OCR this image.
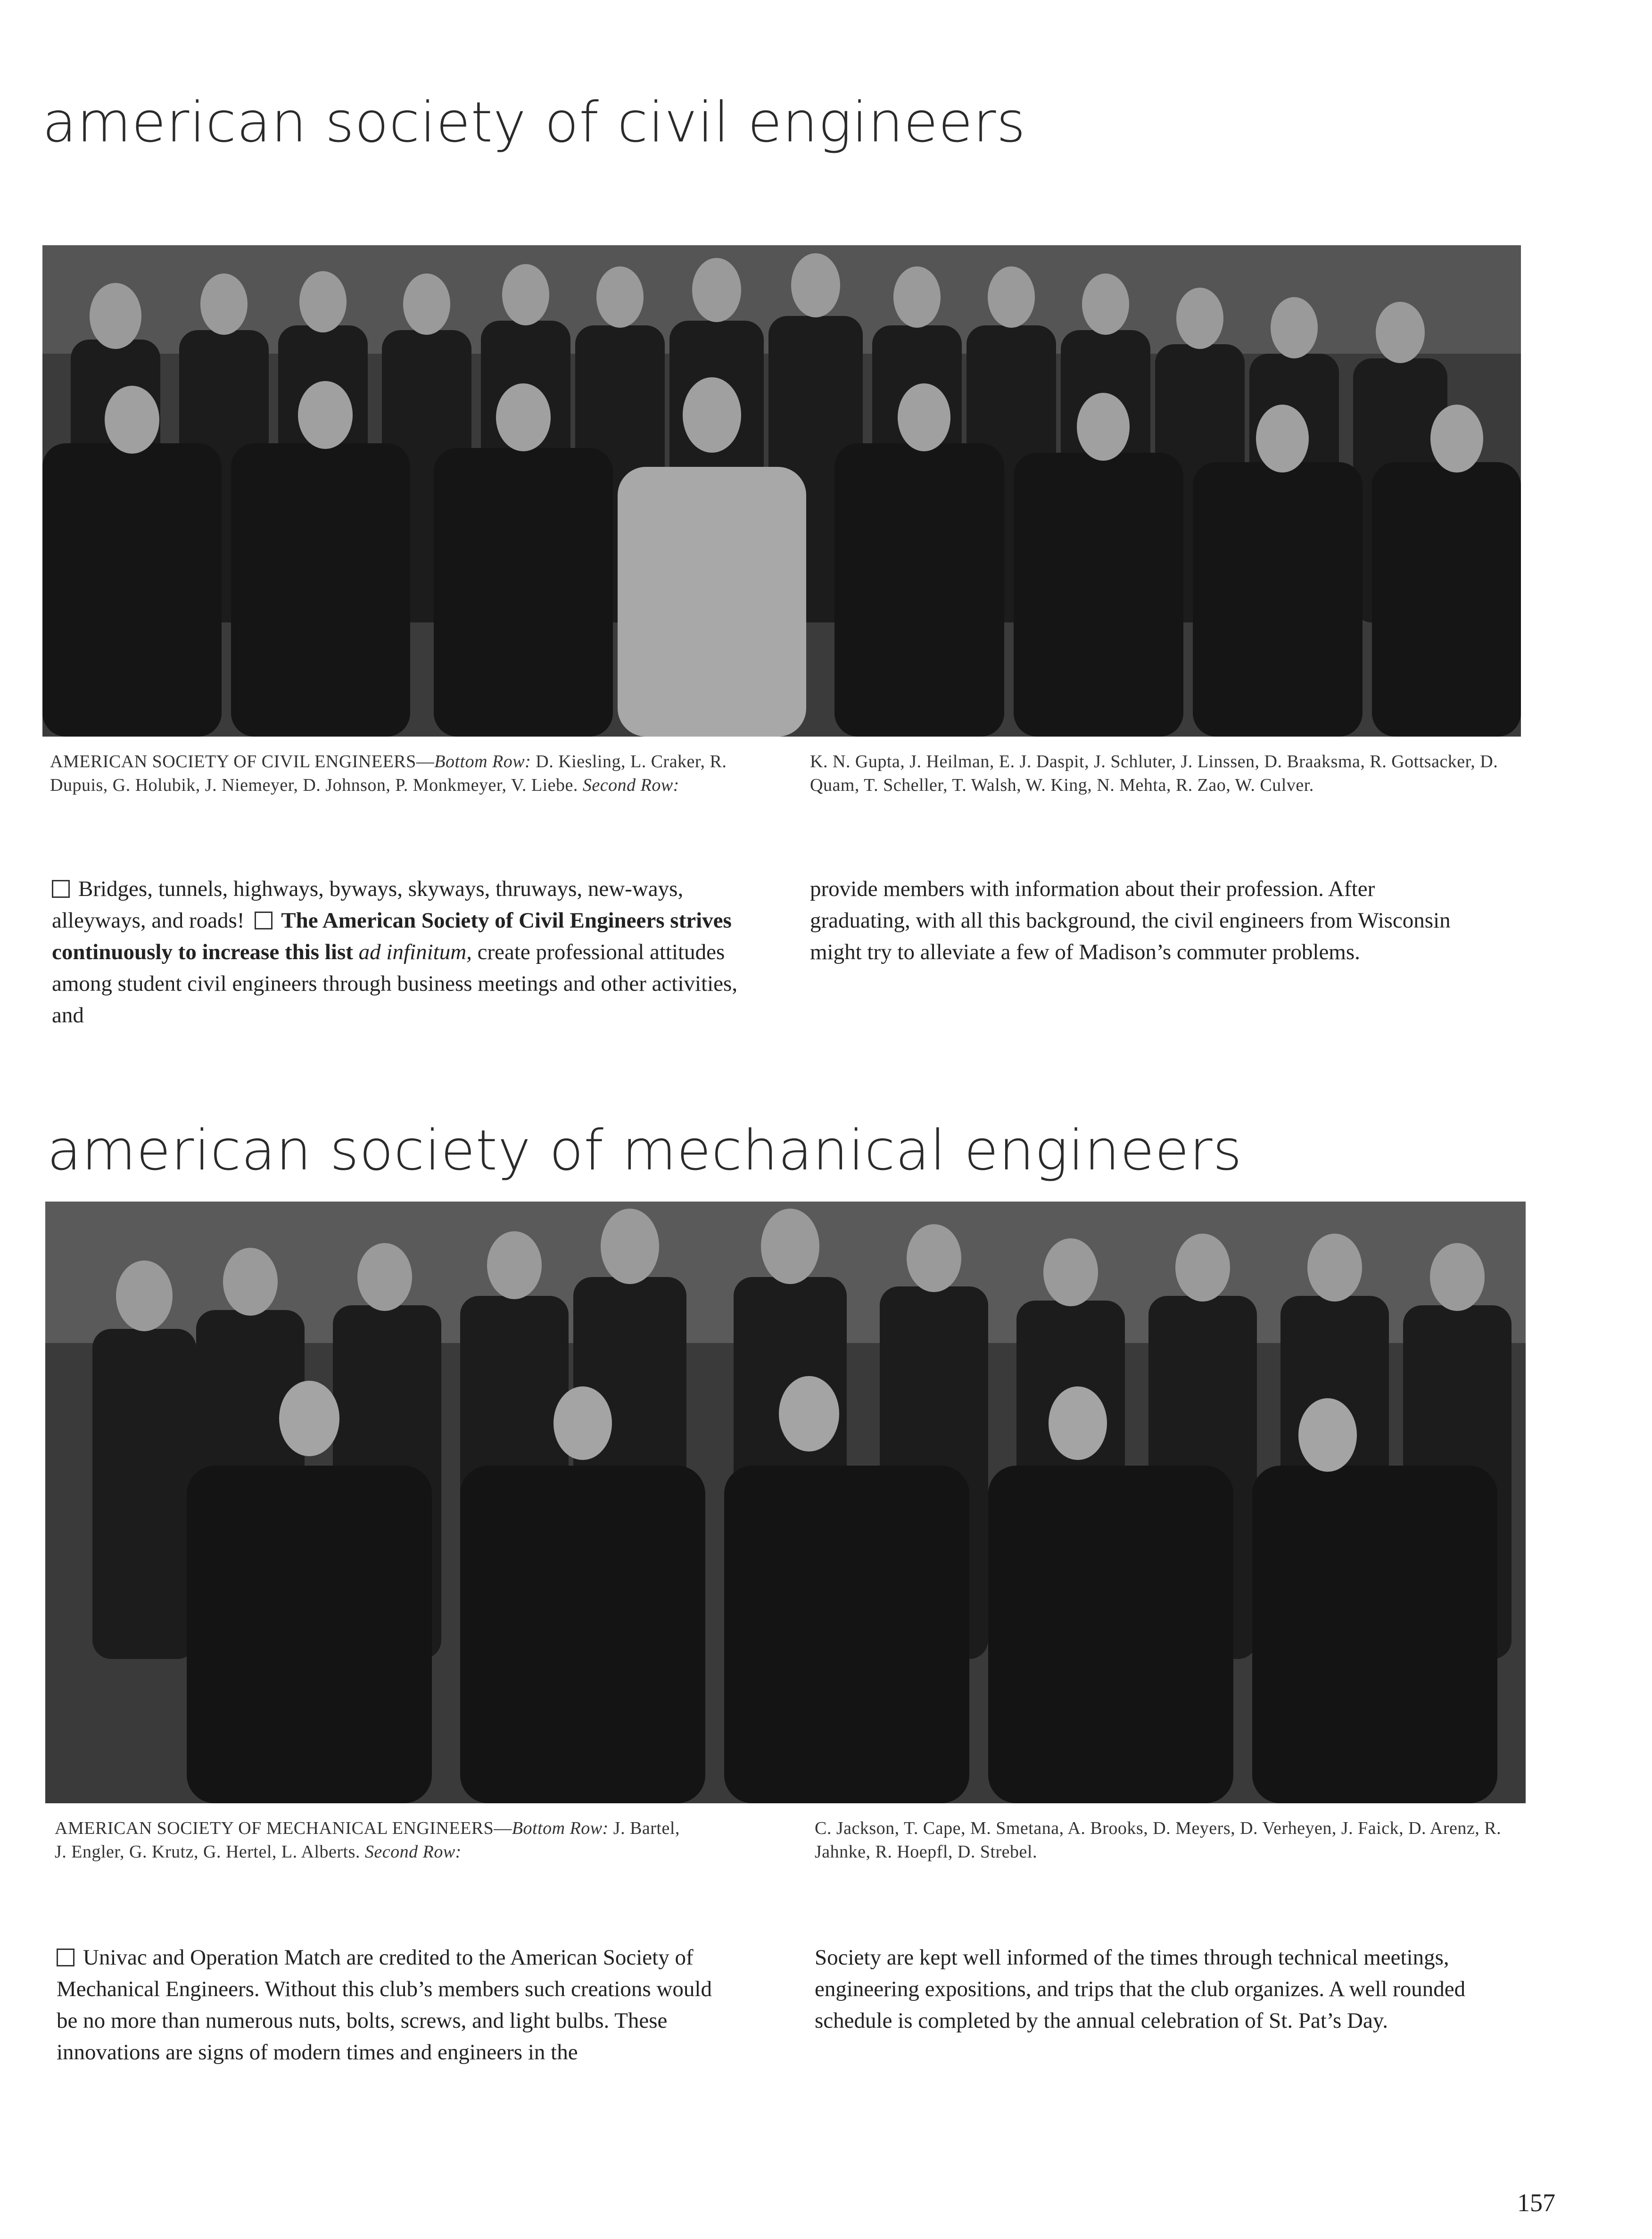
american society of civil engineers
AMERICAN SOCIETY OF CIVIL ENGINEERS—Bottom Row: D. Kiesling, L. Craker, R. Dupuis, G. Holubik, J. Niemeyer, D. Johnson, P. Monkmeyer, V. Liebe. Second Row:
K. N. Gupta, J. Heilman, E. J. Daspit, J. Schluter, J. Linssen, D. Braaksma, R. Gottsacker, D. Quam, T. Scheller, T. Walsh, W. King, N. Mehta, R. Zao, W. Culver.
Bridges, tunnels, highways, byways, skyways, thruways, new-ways, alleyways, and roads! The American Society of Civil Engineers strives continuously to increase this list ad infinitum, create professional attitudes among student civil engineers through business meetings and other activities, and
provide members with information about their profession. After graduating, with all this background, the civil engineers from Wisconsin might try to alleviate a few of Madison’s commuter problems.
american society of mechanical engineers
AMERICAN SOCIETY OF MECHANICAL ENGINEERS—Bottom Row: J. Bartel, J. Engler, G. Krutz, G. Hertel, L. Alberts. Second Row:
C. Jackson, T. Cape, M. Smetana, A. Brooks, D. Meyers, D. Verheyen, J. Faick, D. Arenz, R. Jahnke, R. Hoepfl, D. Strebel.
Univac and Operation Match are credited to the American Society of Mechanical Engineers. Without this club’s members such creations would be no more than numerous nuts, bolts, screws, and light bulbs. These innovations are signs of modern times and engineers in the
Society are kept well informed of the times through technical meetings, engineering expositions, and trips that the club organizes. A well rounded schedule is completed by the annual celebration of St. Pat’s Day.
157
